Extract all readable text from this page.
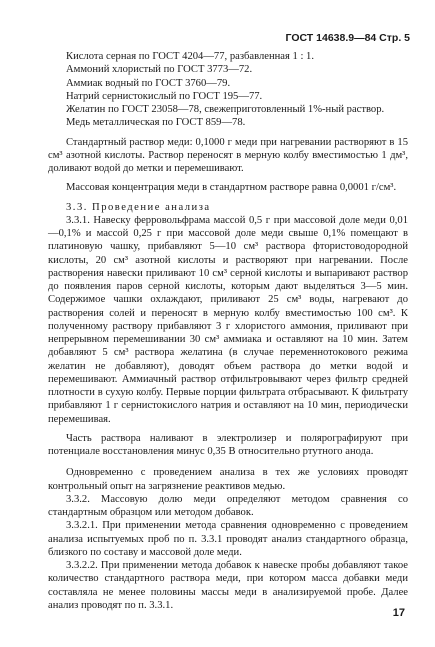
ГОСТ 14638.9—84 Стр. 5

Кислота серная по ГОСТ 4204—77, разбавленная 1 : 1.

Аммоний хлористый по ГОСТ 3773—72.

Аммиак водный по ГОСТ 3760—79.

Натрий сернистокислый по ГОСТ 195—77.

Желатин по ГОСТ 23058—78, свежеприготовленный 1%-ный раствор.

Медь металлическая по ГОСТ 859—78.

Стандартный раствор меди: 0,1000 г меди при нагревании растворяют в 15 см³ азотной кислоты. Раствор переносят в мерную колбу вместимостью 1 дм³, доливают водой до метки и перемешивают.

Массовая концентрация меди в стандартном растворе равна 0,0001 г/см³.

3.3. Проведение анализа

3.3.1. Навеску ферровольфрама массой 0,5 г при массовой доле меди 0,01—0,1% и массой 0,25 г при массовой доле меди свыше 0,1% помещают в платиновую чашку, прибавляют 5—10 см³ раствора фтористоводородной кислоты, 20 см³ азотной кислоты и растворяют при нагревании. После растворения навески приливают 10 см³ серной кислоты и выпаривают раствор до появления паров серной кислоты, которым дают выделяться 3—5 мин. Содержимое чашки охлаждают, приливают 25 см³ воды, нагревают до растворения солей и переносят в мерную колбу вместимостью 100 см³. К полученному раствору прибавляют 3 г хлористого аммония, приливают при непрерывном перемешивании 30 см³ аммиака и оставляют на 10 мин. Затем добавляют 5 см³ раствора желатина (в случае переменнотокового режима желатин не добавляют), доводят объем раствора до метки водой и перемешивают. Аммиачный раствор отфильтровывают через фильтр средней плотности в сухую колбу. Первые порции фильтрата отбрасывают. К фильтрату прибавляют 1 г сернистокислого натрия и оставляют на 10 мин, периодически перемешивая.

Часть раствора наливают в электролизер и полярографируют при потенциале восстановления минус 0,35 В относительно ртутного анода.

Одновременно с проведением анализа в тех же условиях проводят контрольный опыт на загрязнение реактивов медью.

3.3.2. Массовую долю меди определяют методом сравнения со стандартным образцом или методом добавок.

3.3.2.1. При применении метода сравнения одновременно с проведением анализа испытуемых проб по п. 3.3.1 проводят анализ стандартного образца, близкого по составу и массовой доле меди.

3.3.2.2. При применении метода добавок к навеске пробы добавляют такое количество стандартного раствора меди, при котором масса добавки меди составляла не менее половины массы меди в анализируемой пробе. Далее анализ проводят по п. 3.3.1.

17
